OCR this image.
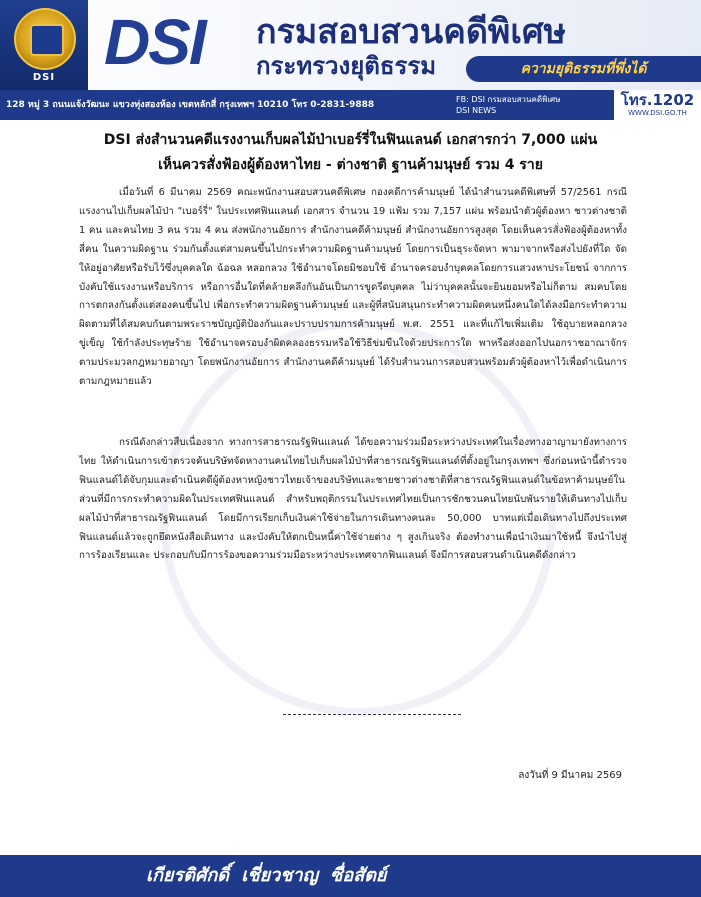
DSI DSI กรมสอบสวนคดีพิเศษ
กระทรวงยุติธรรม	ความยุติธรรมที่พึ่งได้
128 หมู่ 3 ถนนแจ้งวัฒนะ แขวงทุ่งสองห้อง เขตหลักสี่ กรุงเทพฯ 10210 โทร 0-2831-9888
FB: DSI กรมสอบสวนคดีพิเศษ
DSI NEWS
โทร.1202
WWW.DSI.GO.TH
DSI ส่งสำนวนคดีแรงงานเก็บผลไม้ป่าเบอร์รี่ในฟินแลนด์ เอกสารกว่า 7,000 แผ่น
เห็นควรสั่งฟ้องผู้ต้องหาไทย - ต่างชาติ ฐานค้ามนุษย์ รวม 4 ราย
เมื่อวันที่ 6 มีนาคม 2569 คณะพนักงานสอบสวนคดีพิเศษ กองคดีการค้ามนุษย์ ได้นำสำนวนคดีพิเศษที่ 57/2561 กรณี แรงงานไปเก็บผลไม้ป่า "เบอร์รี่" ในประเทศฟินแลนด์ เอกสาร จำนวน 19 แฟ้ม รวม 7,157 แผ่น พร้อมนำตัวผู้ต้องหา ชาวต่างชาติ 1 คน และคนไทย 3 คน รวม 4 คน ส่งพนักงานอัยการ สำนักงานคดีค้ามนุษย์ สำนักงานอัยการสูงสุด โดยเห็นควรสั่งฟ้องผู้ต้องหาทั้งสี่คน ในความผิดฐาน ร่วมกันตั้งแต่สามคนขึ้นไปกระทำความผิดฐานค้ามนุษย์ โดยการเป็นธุระจัดหา พามาจากหรือส่งไปยังที่ใด จัดให้อยู่อาศัยหรือรับไว้ซึ่งบุคคลใด ฉ้อฉล หลอกลวง ใช้อำนาจโดยมิชอบใช้ อำนาจครอบงำบุคคลโดยการแสวงหาประโยชน์ จากการบังคับใช้แรงงานหรือบริการ หรือการอื่นใดที่คล้ายคลึงกันอันเป็นการขูดรีดบุคคล ไม่ว่าบุคคลนั้นจะยินยอมหรือไม่ก็ตาม สมคบโดยการตกลงกันตั้งแต่สองคนขึ้นไป เพื่อกระทำความผิดฐานค้ามนุษย์ และผู้ที่สนับสนุนกระทำความผิดคนหนึ่งคนใดได้ลงมือกระทำความผิดตามที่ได้สมคบกันตามพระราชบัญญัติป้องกันและปราบปรามการค้ามนุษย์ พ.ศ. 2551 และที่แก้ไขเพิ่มเติม ใช้อุบายหลอกลวงขู่เข็ญ ใช้กำลังประทุษร้าย ใช้อำนาจครอบงำผิดคลองธรรมหรือใช้วิธีข่มขืนใจด้วยประการใด พาหรือส่งออกไปนอกราชอาณาจักร ตามประมวลกฎหมายอาญา โดยพนักงานอัยการ สำนักงานคดีค้ามนุษย์ ได้รับสำนวนการสอบสวนพร้อมตัวผู้ต้องหาไว้เพื่อดำเนินการตามกฎหมายแล้ว
กรณีดังกล่าวสืบเนื่องจาก ทางการสาธารณรัฐฟินแลนด์ ได้ขอความร่วมมือระหว่างประเทศในเรื่องทางอาญามายังทางการไทย ให้ดำเนินการเข้าตรวจค้นบริษัทจัดหางานคนไทยไปเก็บผลไม้ป่าที่สาธารณรัฐฟินแลนด์ที่ตั้งอยู่ในกรุงเทพฯ ซึ่งก่อนหน้านี้ตำรวจฟินแลนด์ได้จับกุมและดำเนินคดีผู้ต้องหาหญิงชาวไทยเจ้าของบริษัทและชายชาวต่างชาติที่สาธารณรัฐฟินแลนด์ในข้อหาค้ามนุษย์ในส่วนที่มีการกระทำความผิดในประเทศฟินแลนด์ สำหรับพฤติกรรมในประเทศไทยเป็นการชักชวนคนไทยนับพันรายให้เดินทางไปเก็บผลไม้ป่าที่สาธารณรัฐฟินแลนด์ โดยมีการเรียกเก็บเงินค่าใช้จ่ายในการเดินทางคนละ 50,000 บาทแต่เมื่อเดินทางไปถึงประเทศฟินแลนด์แล้วจะถูกยึดหนังสือเดินทาง และบังคับให้ตกเป็นหนี้ค่าใช้จ่ายต่าง ๆ สูงเกินจริง ต้องทำงานเพื่อนำเงินมาใช้หนี้ จึงนำไปสู่การร้องเรียนและ ประกอบกับมีการร้องขอความร่วมมือระหว่างประเทศจากฟินแลนด์ จึงมีการสอบสวนดำเนินคดีดังกล่าว
ลงวันที่ 9 มีนาคม 2569
เกียรติศักดิ์ เชี่ยวชาญ ซื่อสัตย์
